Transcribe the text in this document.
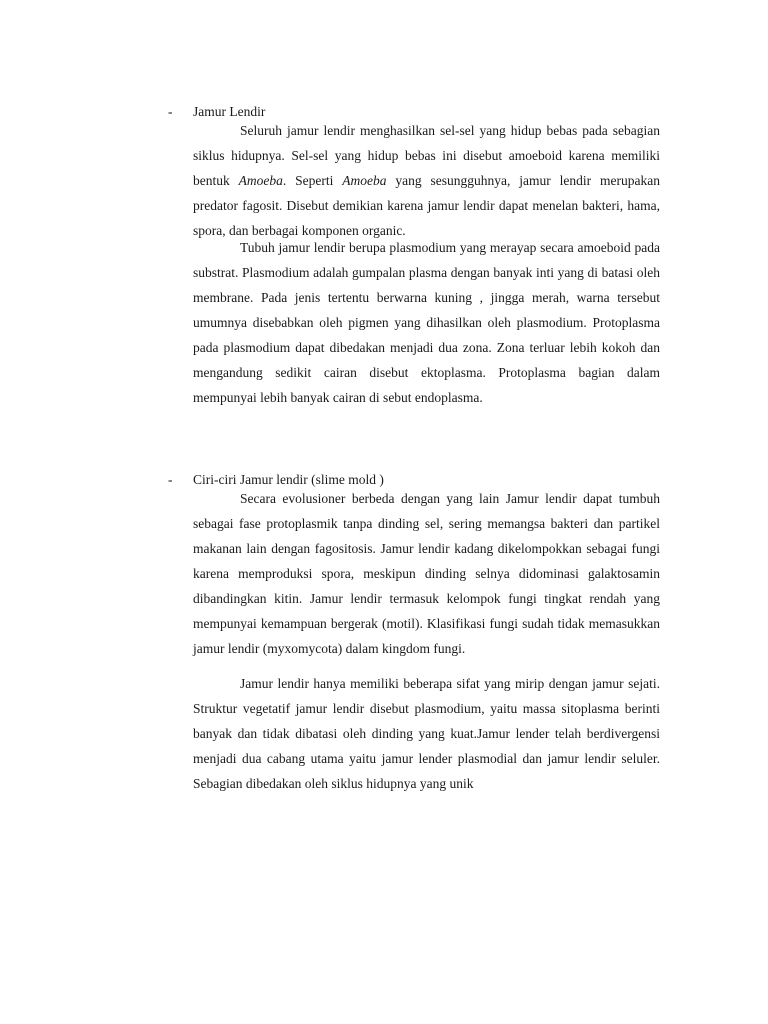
-	Jamur Lendir

Seluruh jamur lendir menghasilkan sel-sel yang hidup bebas pada sebagian siklus hidupnya. Sel-sel yang hidup bebas ini disebut amoeboid karena memiliki bentuk Amoeba. Seperti Amoeba yang sesungguhnya, jamur lendir merupakan predator fagosit. Disebut demikian karena jamur lendir dapat menelan bakteri, hama, spora, dan berbagai komponen organic.

Tubuh jamur lendir berupa plasmodium yang merayap secara amoeboid pada substrat. Plasmodium adalah gumpalan plasma dengan banyak inti yang di batasi oleh membrane. Pada jenis tertentu berwarna kuning , jingga merah, warna tersebut umumnya disebabkan oleh pigmen yang dihasilkan oleh plasmodium. Protoplasma pada plasmodium dapat dibedakan menjadi dua zona. Zona terluar lebih kokoh dan mengandung sedikit cairan disebut ektoplasma. Protoplasma bagian dalam mempunyai lebih banyak cairan di sebut endoplasma.

-	Ciri-ciri Jamur lendir (slime mold )

Secara evolusioner berbeda dengan yang lain Jamur lendir dapat tumbuh sebagai fase protoplasmik tanpa dinding sel, sering memangsa bakteri dan partikel makanan lain dengan fagositosis. Jamur lendir kadang dikelompokkan sebagai fungi karena memproduksi spora, meskipun dinding selnya didominasi galaktosamin dibandingkan kitin. Jamur lendir termasuk kelompok fungi tingkat rendah yang mempunyai kemampuan bergerak (motil). Klasifikasi fungi sudah tidak memasukkan jamur lendir (myxomycota) dalam kingdom fungi.

Jamur lendir hanya memiliki beberapa sifat yang mirip dengan jamur sejati. Struktur vegetatif jamur lendir disebut plasmodium, yaitu massa sitoplasma berinti banyak dan tidak dibatasi oleh dinding yang kuat.Jamur lender telah berdivergensi menjadi dua cabang utama yaitu jamur lender plasmodial dan jamur lendir seluler. Sebagian dibedakan oleh siklus hidupnya yang unik
